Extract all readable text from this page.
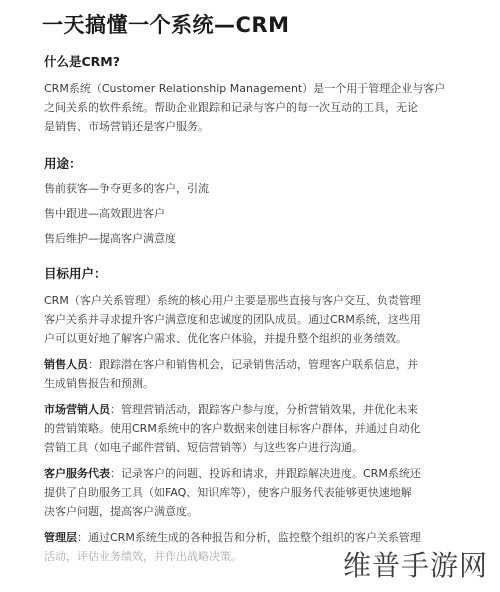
一天搞懂一个系统—CRM
什么是CRM?
CRM系统（Customer Relationship Management）是一个用于管理企业与客户
之间关系的软件系统。帮助企业跟踪和记录与客户的每一次互动的工具，无论
是销售、市场营销还是客户服务。
用途：
售前获客—争夺更多的客户，引流
售中跟进—高效跟进客户
售后维护—提高客户满意度
目标用户：
CRM（客户关系管理）系统的核心用户主要是那些直接与客户交互、负责管理
客户关系并寻求提升客户满意度和忠诚度的团队成员。通过CRM系统，这些用
户可以更好地了解客户需求、优化客户体验，并提升整个组织的业务绩效。
销售人员：跟踪潜在客户和销售机会，记录销售活动，管理客户联系信息，并
生成销售报告和预测。
市场营销人员：管理营销活动，跟踪客户参与度，分析营销效果，并优化未来
的营销策略。使用CRM系统中的客户数据来创建目标客户群体，并通过自动化
营销工具（如电子邮件营销、短信营销等）与这些客户进行沟通。
客户服务代表：记录客户的问题、投诉和请求，并跟踪解决进度。CRM系统还
提供了自助服务工具（如FAQ、知识库等），使客户服务代表能够更快速地解
决客户问题，提高客户满意度。
管理层：通过CRM系统生成的各种报告和分析，监控整个组织的客户关系管理
活动，评估业务绩效，并作出战略决策。	维普手游网
